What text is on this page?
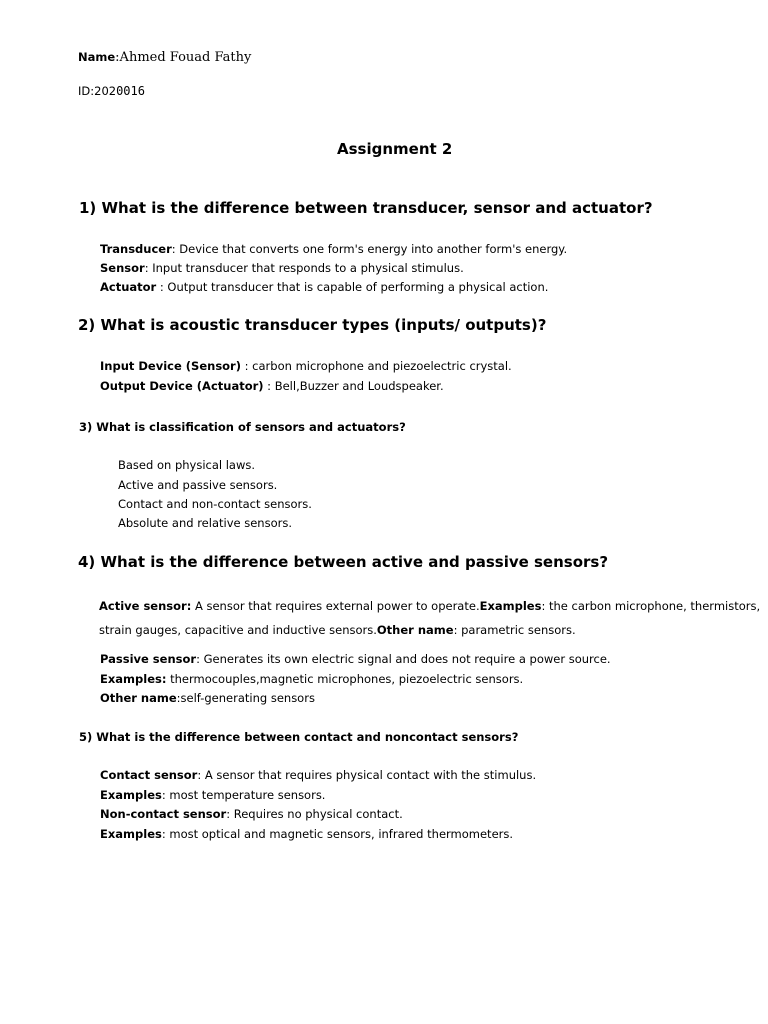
Name:Ahmed Fouad Fathy
ID:2020016
Assignment 2
1) What is the difference between transducer, sensor and actuator?
Transducer: Device that converts one form's energy into another form's energy.
Sensor: Input transducer that responds to a physical stimulus.
Actuator : Output transducer that is capable of performing a physical action.
2) What is acoustic transducer types (inputs/ outputs)?
Input Device (Sensor) : carbon microphone and piezoelectric crystal.
Output Device (Actuator) : Bell,Buzzer and Loudspeaker.
3) What is classification of sensors and actuators?
Based on physical laws.
Active and passive sensors.
Contact and non-contact sensors.
Absolute and relative sensors.
4) What is the difference between active and passive sensors?
Active sensor: A sensor that requires external power to operate.Examples: the carbon microphone, thermistors,
strain gauges, capacitive and inductive sensors.Other name: parametric sensors.
Passive sensor: Generates its own electric signal and does not require a power source.
Examples: thermocouples,magnetic microphones, piezoelectric sensors.
Other name:self-generating sensors
5) What is the difference between contact and noncontact sensors?
Contact sensor: A sensor that requires physical contact with the stimulus.
Examples: most temperature sensors.
Non-contact sensor: Requires no physical contact.
Examples: most optical and magnetic sensors, infrared thermometers.
